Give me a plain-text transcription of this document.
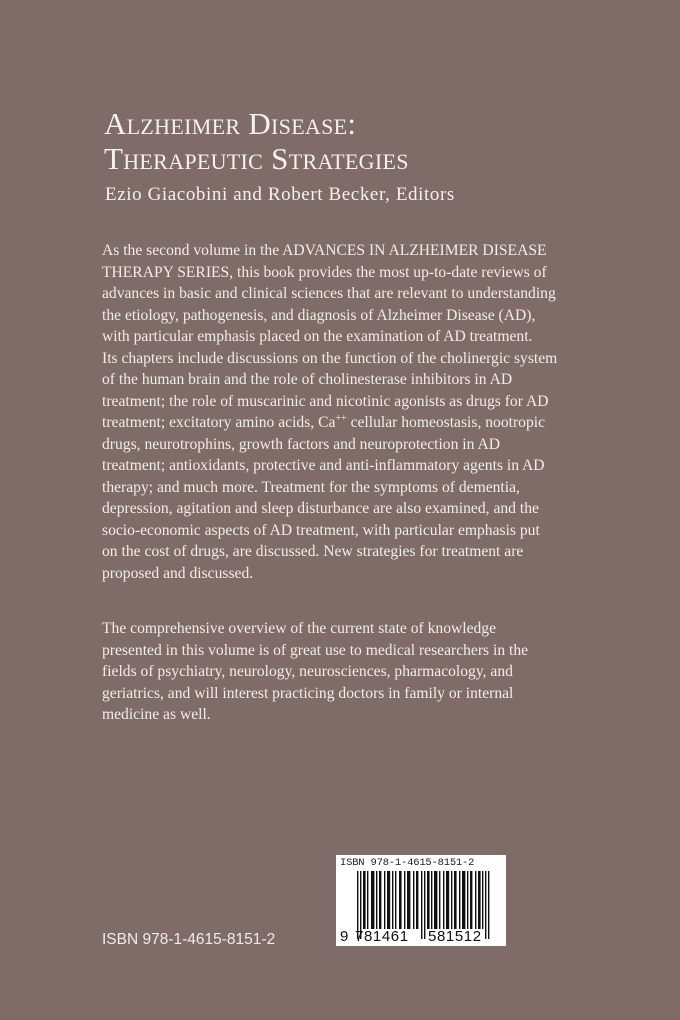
Alzheimer Disease:
Therapeutic Strategies
Ezio Giacobini and Robert Becker, Editors
As the second volume in the ADVANCES IN ALZHEIMER DISEASE
THERAPY SERIES, this book provides the most up-to-date reviews of
advances in basic and clinical sciences that are relevant to understanding
the etiology, pathogenesis, and diagnosis of Alzheimer Disease (AD),
with particular emphasis placed on the examination of AD treatment.
Its chapters include discussions on the function of the cholinergic system
of the human brain and the role of cholinesterase inhibitors in AD
treatment; the role of muscarinic and nicotinic agonists as drugs for AD
treatment; excitatory amino acids, Ca++ cellular homeostasis, nootropic
drugs, neurotrophins, growth factors and neuroprotection in AD
treatment; antioxidants, protective and anti-inflammatory agents in AD
therapy; and much more. Treatment for the symptoms of dementia,
depression, agitation and sleep disturbance are also examined, and the
socio-economic aspects of AD treatment, with particular emphasis put
on the cost of drugs, are discussed. New strategies for treatment are
proposed and discussed.
The comprehensive overview of the current state of knowledge
presented in this volume is of great use to medical researchers in the
fields of psychiatry, neurology, neurosciences, pharmacology, and
geriatrics, and will interest practicing doctors in family or internal
medicine as well.
ISBN 978-1-4615-8151-2
ISBN 978-1-4615-8151-2
9 781461 581512
